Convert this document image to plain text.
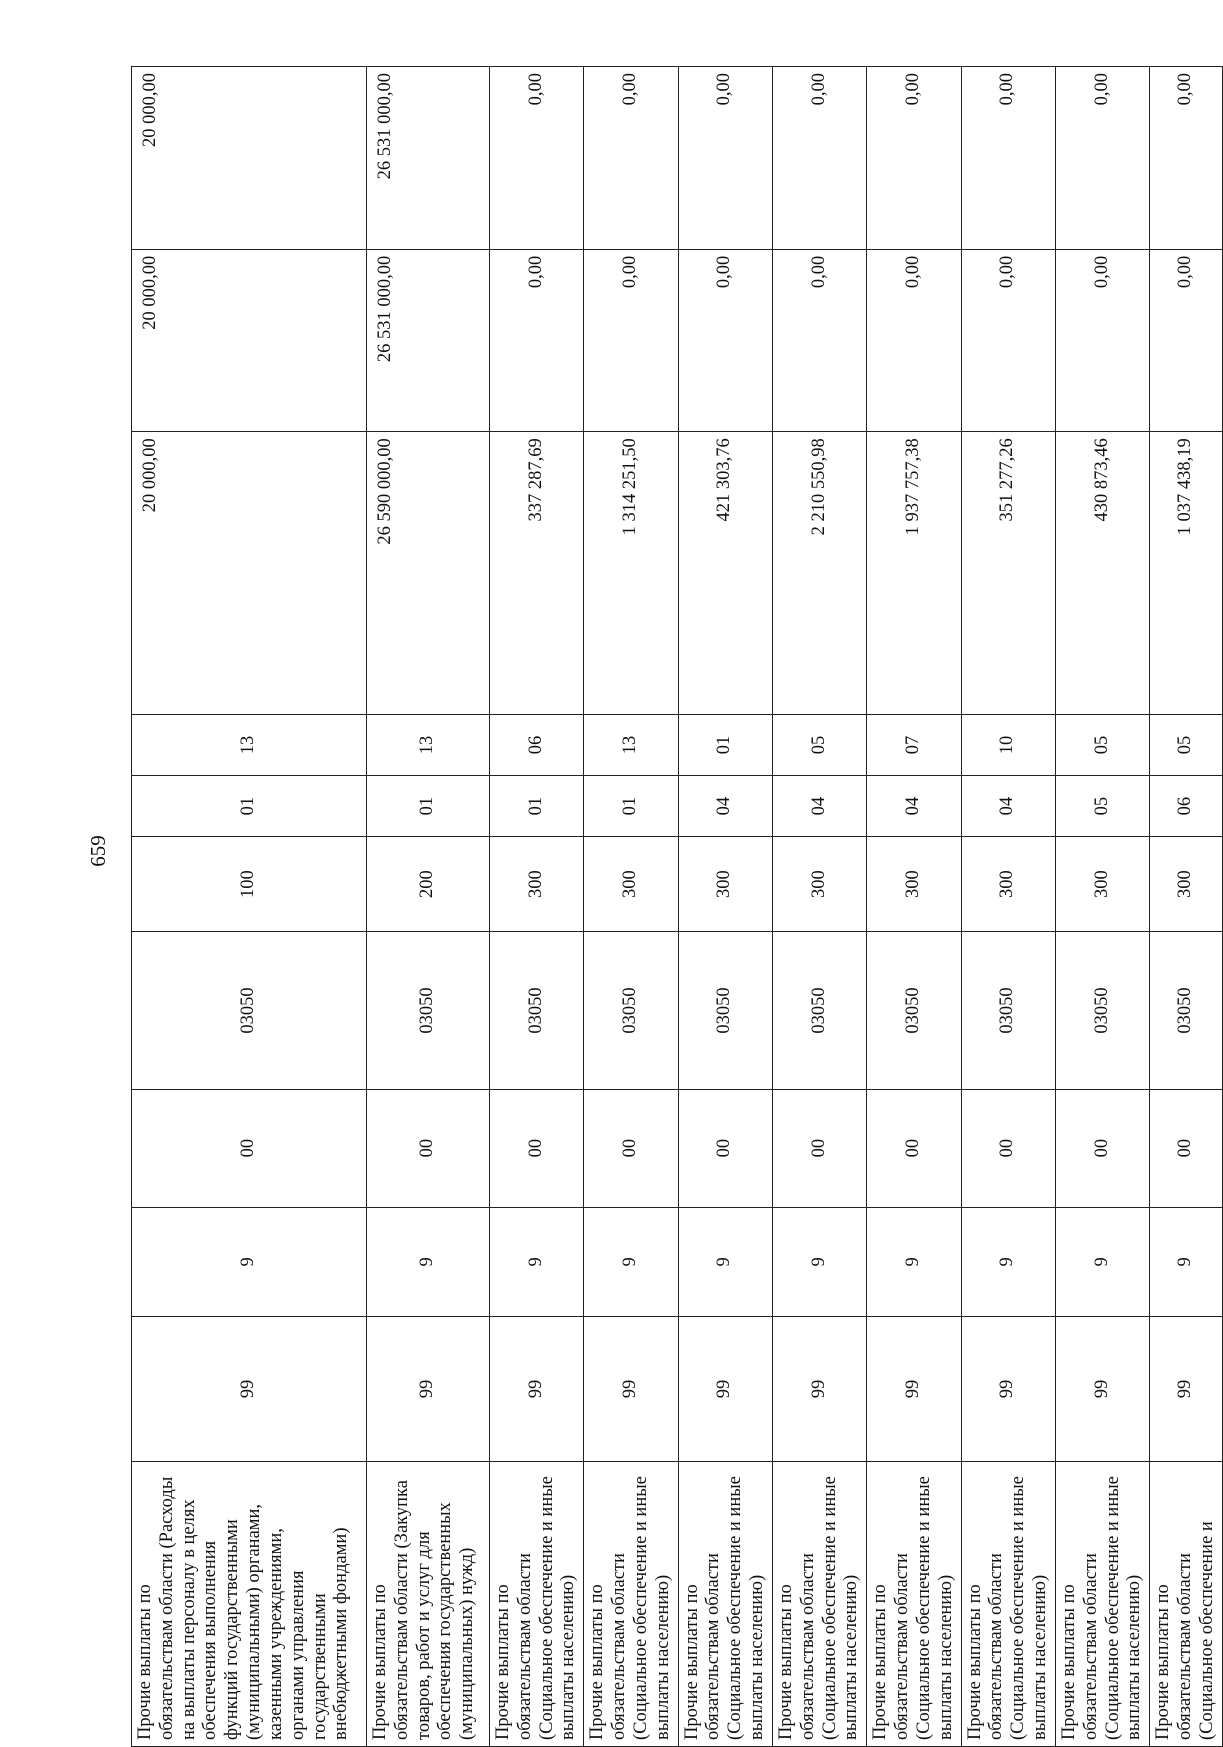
659
Прочие выплаты по обязательствам области (Расходы на выплаты персоналу в целях обеспечения выполнения функций государственными (муниципальными) органами, казенными учреждениями, органами управления государственными внебюджетными фондами)	99	9	00	03050	100	01	13	20 000,00	20 000,00	20 000,00
Прочие выплаты по обязательствам области (Закупка товаров, работ и услуг для обеспечения государственных (муниципальных) нужд)	99	9	00	03050	200	01	13	26 590 000,00	26 531 000,00	26 531 000,00
Прочие выплаты по обязательствам области (Социальное обеспечение и иные выплаты населению)	99	9	00	03050	300	01	06	337 287,69	0,00	0,00
Прочие выплаты по обязательствам области (Социальное обеспечение и иные выплаты населению)	99	9	00	03050	300	01	13	1 314 251,50	0,00	0,00
Прочие выплаты по обязательствам области (Социальное обеспечение и иные выплаты населению)	99	9	00	03050	300	04	01	421 303,76	0,00	0,00
Прочие выплаты по обязательствам области (Социальное обеспечение и иные выплаты населению)	99	9	00	03050	300	04	05	2 210 550,98	0,00	0,00
Прочие выплаты по обязательствам области (Социальное обеспечение и иные выплаты населению)	99	9	00	03050	300	04	07	1 937 757,38	0,00	0,00
Прочие выплаты по обязательствам области (Социальное обеспечение и иные выплаты населению)	99	9	00	03050	300	04	10	351 277,26	0,00	0,00
Прочие выплаты по обязательствам области (Социальное обеспечение и иные выплаты населению)	99	9	00	03050	300	05	05	430 873,46	0,00	0,00
Прочие выплаты по обязательствам области (Социальное обеспечение и	99	9	00	03050	300	06	05	1 037 438,19	0,00	0,00
